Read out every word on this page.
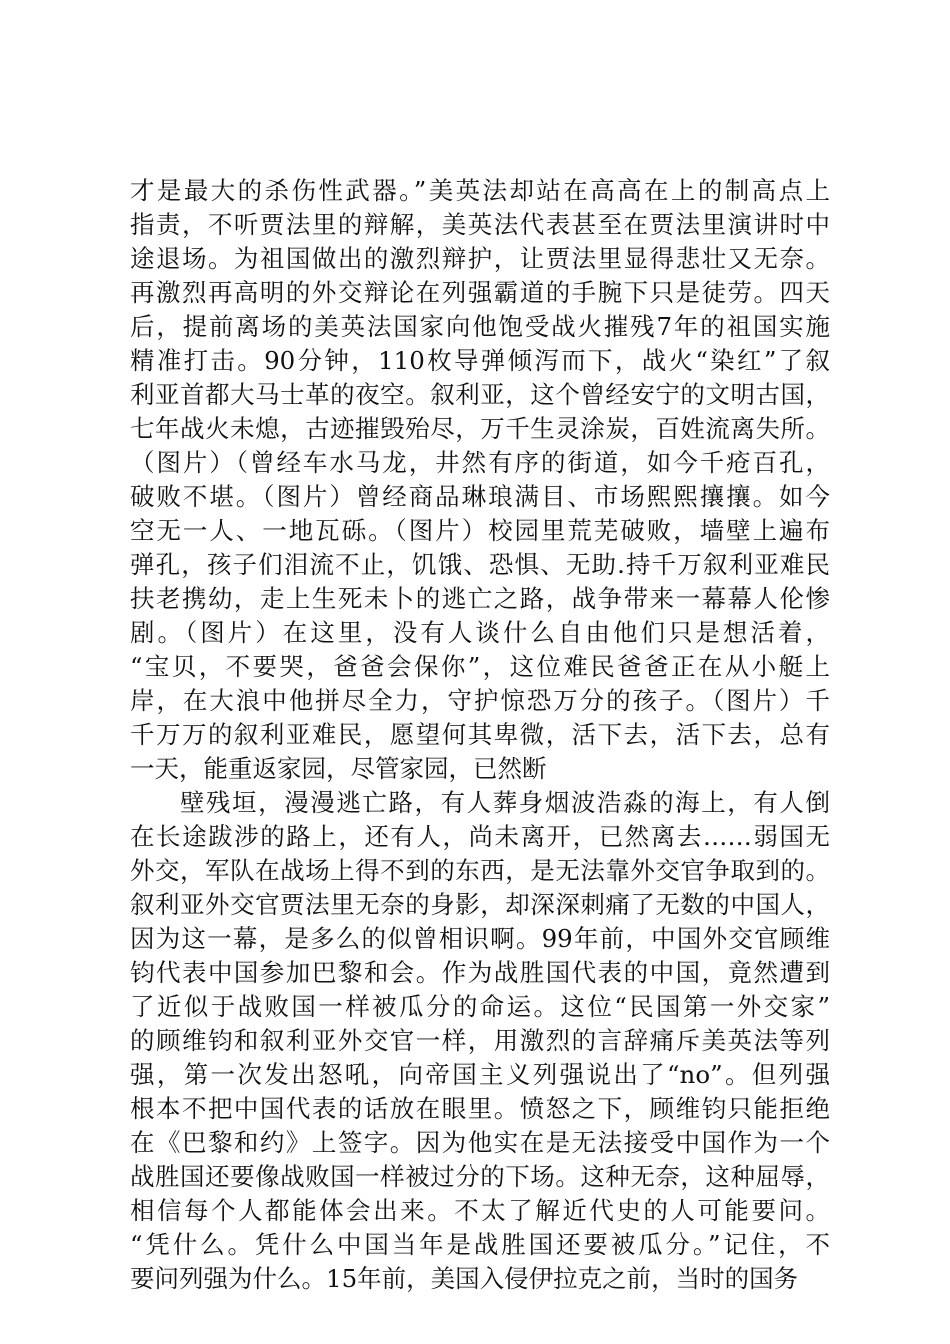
才是最大的杀伤性武器。”美英法却站在高高在上的制高点上
指责，不听贾法里的辩解，美英法代表甚至在贾法里演讲时中
途退场。为祖国做出的激烈辩护，让贾法里显得悲壮又无奈。
再激烈再高明的外交辩论在列强霸道的手腕下只是徒劳。四天
后，提前离场的美英法国家向他饱受战火摧残7年的祖国实施
精准打击。90分钟，110枚导弹倾泻而下，战火“染红”了叙
利亚首都大马士革的夜空。叙利亚，这个曾经安宁的文明古国，
七年战火未熄，古迹摧毁殆尽，万千生灵涂炭，百姓流离失所。
（图片）（曾经车水马龙，井然有序的街道，如今千疮百孔，
破败不堪。（图片）曾经商品琳琅满目、市场熙熙攘攘。如今
空无一人、一地瓦砾。（图片）校园里荒芜破败，墙壁上遍布
弹孔，孩子们泪流不止，饥饿、恐惧、无助.持千万叙利亚难民
扶老携幼，走上生死未卜的逃亡之路，战争带来一幕幕人伦惨
剧。（图片）在这里，没有人谈什么自由他们只是想活着，
“宝贝，不要哭，爸爸会保你”，这位难民爸爸正在从小艇上
岸，在大浪中他拼尽全力，守护惊恐万分的孩子。（图片）千
千万万的叙利亚难民，愿望何其卑微，活下去，活下去，总有
一天，能重返家园，尽管家园，已然断
壁残垣，漫漫逃亡路，有人葬身烟波浩淼的海上，有人倒
在长途跋涉的路上，还有人，尚未离开，已然离去……弱国无
外交，军队在战场上得不到的东西，是无法靠外交官争取到的。
叙利亚外交官贾法里无奈的身影，却深深刺痛了无数的中国人，
因为这一幕，是多么的似曾相识啊。99年前，中国外交官顾维
钧代表中国参加巴黎和会。作为战胜国代表的中国，竟然遭到
了近似于战败国一样被瓜分的命运。这位“民国第一外交家”
的顾维钧和叙利亚外交官一样，用激烈的言辞痛斥美英法等列
强，第一次发出怒吼，向帝国主义列强说出了“no”。但列强
根本不把中国代表的话放在眼里。愤怒之下，顾维钧只能拒绝
在《巴黎和约》上签字。因为他实在是无法接受中国作为一个
战胜国还要像战败国一样被过分的下场。这种无奈，这种屈辱，
相信每个人都能体会出来。不太了解近代史的人可能要问。
“凭什么。凭什么中国当年是战胜国还要被瓜分。”记住，不
要问列强为什么。15年前，美国入侵伊拉克之前，当时的国务
